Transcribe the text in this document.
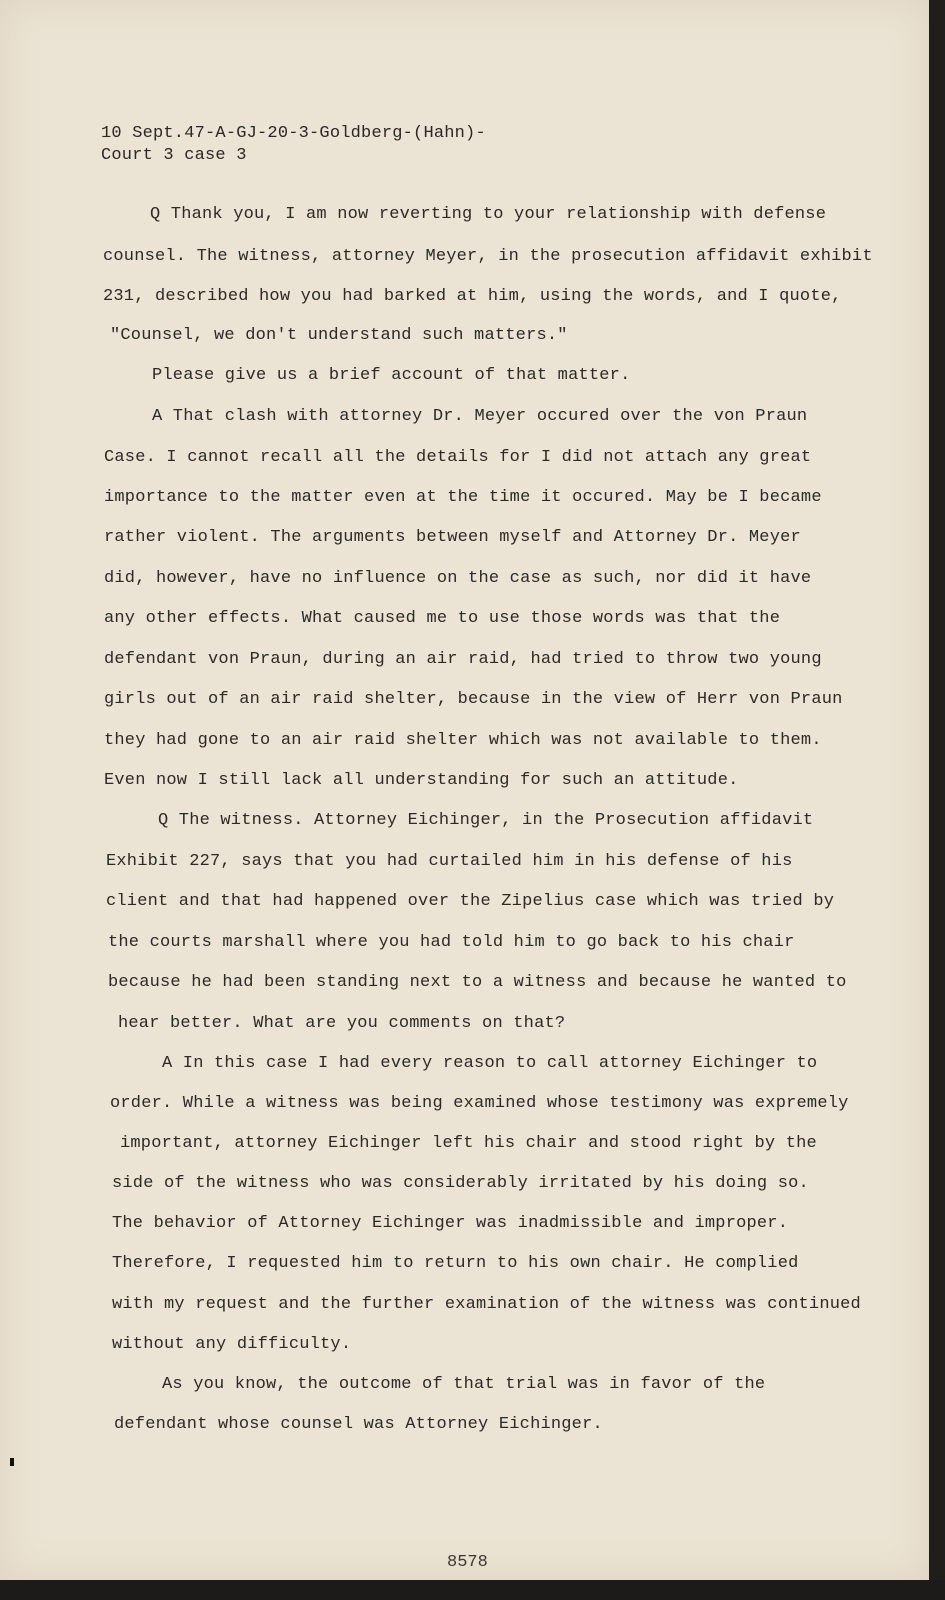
10 Sept.47-A-GJ-20-3-Goldberg-(Hahn)-
Court 3 case 3
Q Thank you, I am now reverting to your relationship with defense
counsel. The witness, attorney Meyer, in the prosecution affidavit exhibit
231, described how you had barked at him, using the words, and I quote,
"Counsel, we don't understand such matters."
Please give us a brief account of that matter.
A That clash with attorney Dr. Meyer occured over the von Praun
Case. I cannot recall all the details for I did not attach any great
importance to the matter even at the time it occured. May be I became
rather violent. The arguments between myself and Attorney Dr. Meyer
did, however, have no influence on the case as such, nor did it have
any other effects. What caused me to use those words was that the
defendant von Praun, during an air raid, had tried to throw two young
girls out of an air raid shelter, because in the view of Herr von Praun
they had gone to an air raid shelter which was not available to them.
Even now I still lack all understanding for such an attitude.
Q The witness. Attorney Eichinger, in the Prosecution affidavit
Exhibit 227, says that you had curtailed him in his defense of his
client and that had happened over the Zipelius case which was tried by
the courts marshall where you had told him to go back to his chair
because he had been standing next to a witness and because he wanted to
hear better. What are you comments on that?
A In this case I had every reason to call attorney Eichinger to
order. While a witness was being examined whose testimony was expremely
important, attorney Eichinger left his chair and stood right by the
side of the witness who was considerably irritated by his doing so.
The behavior of Attorney Eichinger was inadmissible and improper.
Therefore, I requested him to return to his own chair. He complied
with my request and the further examination of the witness was continued
without any difficulty.
As you know, the outcome of that trial was in favor of the
defendant whose counsel was Attorney Eichinger.
8578
